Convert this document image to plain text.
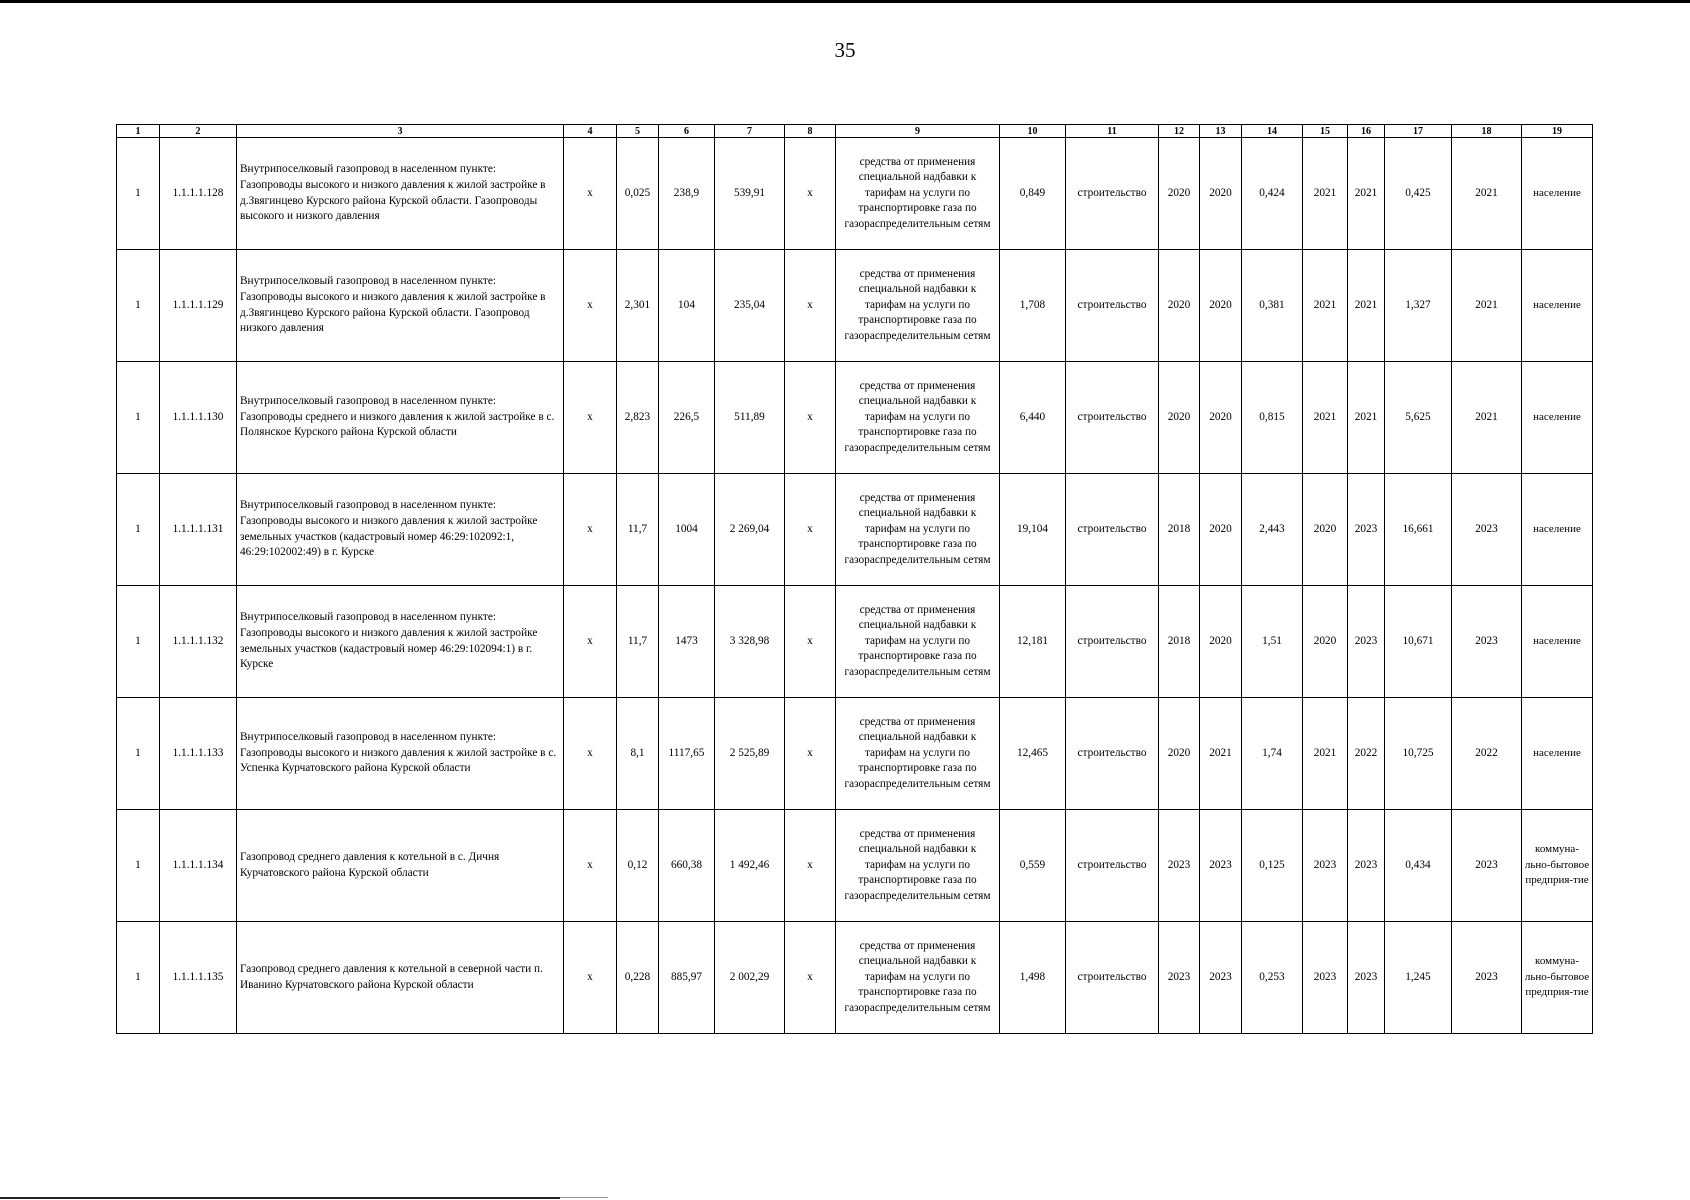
35
1	2	3	4	5	6	7	8	9	10	11	12	13	14	15	16	17	18	19
1	1.1.1.1.128	Внутрипоселковый газопровод в населенном пункте: Газопроводы высокого и низкого давления к жилой застройке в д.Звягинцево Курского района Курской области. Газопроводы высокого и низкого давления	x	0,025	238,9	539,91	x	средства от применения специальной надбавки к тарифам на услуги по транспортировке газа по газораспределительным сетям	0,849	строительство	2020	2020	0,424	2021	2021	0,425	2021	население
1	1.1.1.1.129	Внутрипоселковый газопровод в населенном пункте: Газопроводы высокого и низкого давления к жилой застройке в д.Звягинцево Курского района Курской области. Газопровод низкого давления	x	2,301	104	235,04	x	средства от применения специальной надбавки к тарифам на услуги по транспортировке газа по газораспределительным сетям	1,708	строительство	2020	2020	0,381	2021	2021	1,327	2021	население
1	1.1.1.1.130	Внутрипоселковый газопровод в населенном пункте: Газопроводы среднего и низкого давления к жилой застройке в с. Полянское Курского района Курской области	x	2,823	226,5	511,89	x	средства от применения специальной надбавки к тарифам на услуги по транспортировке газа по газораспределительным сетям	6,440	строительство	2020	2020	0,815	2021	2021	5,625	2021	население
1	1.1.1.1.131	Внутрипоселковый газопровод в населенном пункте: Газопроводы высокого и низкого давления к жилой застройке земельных участков (кадастровый номер 46:29:102092:1, 46:29:102002:49) в г. Курске	x	11,7	1004	2 269,04	x	средства от применения специальной надбавки к тарифам на услуги по транспортировке газа по газораспределительным сетям	19,104	строительство	2018	2020	2,443	2020	2023	16,661	2023	население
1	1.1.1.1.132	Внутрипоселковый газопровод в населенном пункте: Газопроводы высокого и низкого давления к жилой застройке земельных участков (кадастровый номер 46:29:102094:1) в г. Курске	x	11,7	1473	3 328,98	x	средства от применения специальной надбавки к тарифам на услуги по транспортировке газа по газораспределительным сетям	12,181	строительство	2018	2020	1,51	2020	2023	10,671	2023	население
1	1.1.1.1.133	Внутрипоселковый газопровод в населенном пункте: Газопроводы высокого и низкого давления к жилой застройке в с. Успенка Курчатовского района Курской области	x	8,1	1117,65	2 525,89	x	средства от применения специальной надбавки к тарифам на услуги по транспортировке газа по газораспределительным сетям	12,465	строительство	2020	2021	1,74	2021	2022	10,725	2022	население
1	1.1.1.1.134	Газопровод среднего давления к котельной в с. Дичня Курчатовского района Курской области	x	0,12	660,38	1 492,46	x	средства от применения специальной надбавки к тарифам на услуги по транспортировке газа по газораспределительным сетям	0,559	строительство	2023	2023	0,125	2023	2023	0,434	2023	коммуна-льно-бытовое предприя-тие
1	1.1.1.1.135	Газопровод среднего давления к котельной в северной части п. Иванино Курчатовского района Курской области	x	0,228	885,97	2 002,29	x	средства от применения специальной надбавки к тарифам на услуги по транспортировке газа по газораспределительным сетям	1,498	строительство	2023	2023	0,253	2023	2023	1,245	2023	коммуна-льно-бытовое предприя-тие
